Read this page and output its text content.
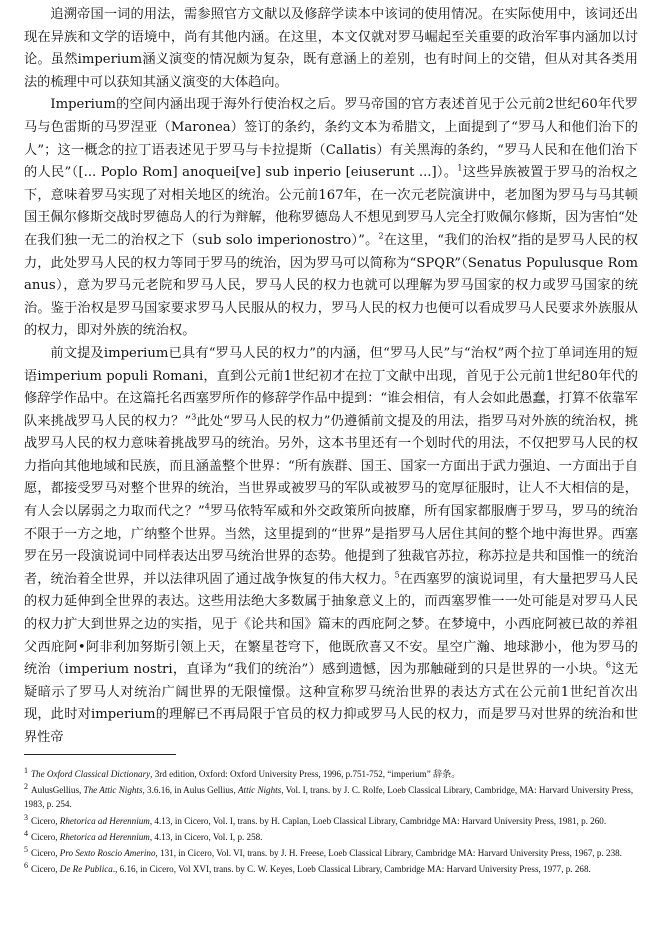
追溯帝国一词的用法，需参照官方文献以及修辞学读本中该词的使用情况。在实际使用中，该词还出现在异族和文学的语境中，尚有其他内涵。在这里，本文仅就对罗马崛起至关重要的政治军事内涵加以讨论。虽然imperium涵义演变的情况颇为复杂，既有意涵上的差别，也有时间上的交错，但从对其各类用法的梳理中可以获知其涵义演变的大体趋向。

Imperium的空间内涵出现于海外行使治权之后。罗马帝国的官方表述首见于公元前2世纪60年代罗马与色雷斯的马罗涅亚（Maronea）签订的条约，条约文本为希腊文，上面提到了“罗马人和他们治下的人”；这一概念的拉丁语表述见于罗马与卡拉提斯（Callatis）有关黑海的条约，“罗马人民和在他们治下的人民”（[... Poplo Rom] anoquei[ve] sub inperio [eiuserunt ...]）。$^1$这些异族被置于罗马的治权之下，意味着罗马实现了对相关地区的统治。公元前167年，在一次元老院演讲中，老加图为罗马与马其顿国王佩尔修斯交战时罗德岛人的行为辩解，他称罗德岛人不想见到罗马人完全打败佩尔修斯，因为害怕“处在我们独一无二的治权之下（sub solo imperionostro）”。$^2$在这里，“我们的治权”指的是罗马人民的权力，此处罗马人民的权力等同于罗马的统治，因为罗马可以简称为“SPQR”（Senatus Populusque Romanus），意为罗马元老院和罗马人民，罗马人民的权力也就可以理解为罗马国家的权力或罗马国家的统治。鉴于治权是罗马国家要求罗马人民服从的权力，罗马人民的权力也便可以看成罗马人民要求外族服从的权力，即对外族的统治权。

前文提及imperium已具有“罗马人民的权力”的内涵，但“罗马人民”与“治权”两个拉丁单词连用的短语imperium populi Romani，直到公元前1世纪初才在拉丁文献中出现，首见于公元前1世纪80年代的修辞学作品中。在这篇托名西塞罗所作的修辞学作品中提到：“谁会相信，有人会如此愚蠢，打算不依靠军队来挑战罗马人民的权力？”$^3$此处“罗马人民的权力”仍遵循前文提及的用法，指罗马对外族的统治权，挑战罗马人民的权力意味着挑战罗马的统治。另外，这本书里还有一个划时代的用法，不仅把罗马人民的权力指向其他地域和民族，而且涵盖整个世界：“所有族群、国王、国家一方面出于武力强迫、一方面出于自愿，都接受罗马对整个世界的统治，当世界或被罗马的军队或被罗马的宽厚征服时，让人不大相信的是，有人会以孱弱之力取而代之？”$^4$罗马依特军威和外交政策所向披靡，所有国家都服膺于罗马，罗马的统治不限于一方之地，广纳整个世界。当然，这里提到的“世界”是指罗马人居住其间的整个地中海世界。西塞罗在另一段演说词中同样表达出罗马统治世界的态势。他提到了独裁官苏拉，称苏拉是共和国惟一的统治者，统治着全世界，并以法律巩固了通过战争恢复的伟大权力。$^5$在西塞罗的演说词里，有大量把罗马人民的权力延伸到全世界的表达。这些用法绝大多数属于抽象意义上的，而西塞罗惟一一处可能是对罗马人民的权力扩大到世界之边的实指，见于《论共和国》篇末的西庇阿之梦。在梦境中，小西庇阿被已故的养祖父西庇阿•阿非利加努斯引领上天，在繁星苍穹下，他既欣喜又不安。星空广瀚、地球渺小，他为罗马的统治（imperium nostri，直译为“我们的统治”）感到遗憾，因为那触碰到的只是世界的一小块。$^6$这无疑暗示了罗马人对统治广阔世界的无限憧憬。这种宣称罗马统治世界的表达方式在公元前1世纪首次出现，此时对imperium的理解已不再局限于官员的权力抑或罗马人民的权力，而是罗马对世界的统治和世界性帝

$^1$ The Oxford Classical Dictionary, 3rd edition, Oxford: Oxford University Press, 1996, p.751-752, “imperium” 辞条。
$^2$ AulusGellius, The Attic Nights, 3.6.16, in Aulus Gellius, Attic Nights, Vol. I, trans. by J. C. Rolfe, Loeb Classical Library, Cambridge, MA: Harvard University Press, 1983, p. 254.
$^3$ Cicero, Rhetorica ad Herennium, 4.13, in Cicero, Vol. I, trans. by H. Caplan, Loeb Classical Library, Cambridge MA: Harvard University Press, 1981, p. 260.
$^4$ Cicero, Rhetorica ad Herennium, 4.13, in Cicero, Vol. I, p. 258.
$^5$ Cicero, Pro Sexto Roscio Amerino, 131, in Cicero, Vol. VI, trans. by J. H. Freese, Loeb Classical Library, Cambridge MA: Harvard University Press, 1967, p. 238.
$^6$ Cicero, De Re Publica., 6.16, in Cicero, Vol XVI, trans. by C. W. Keyes, Loeb Classical Library, Cambridge MA: Harvard University Press, 1977, p. 268.
